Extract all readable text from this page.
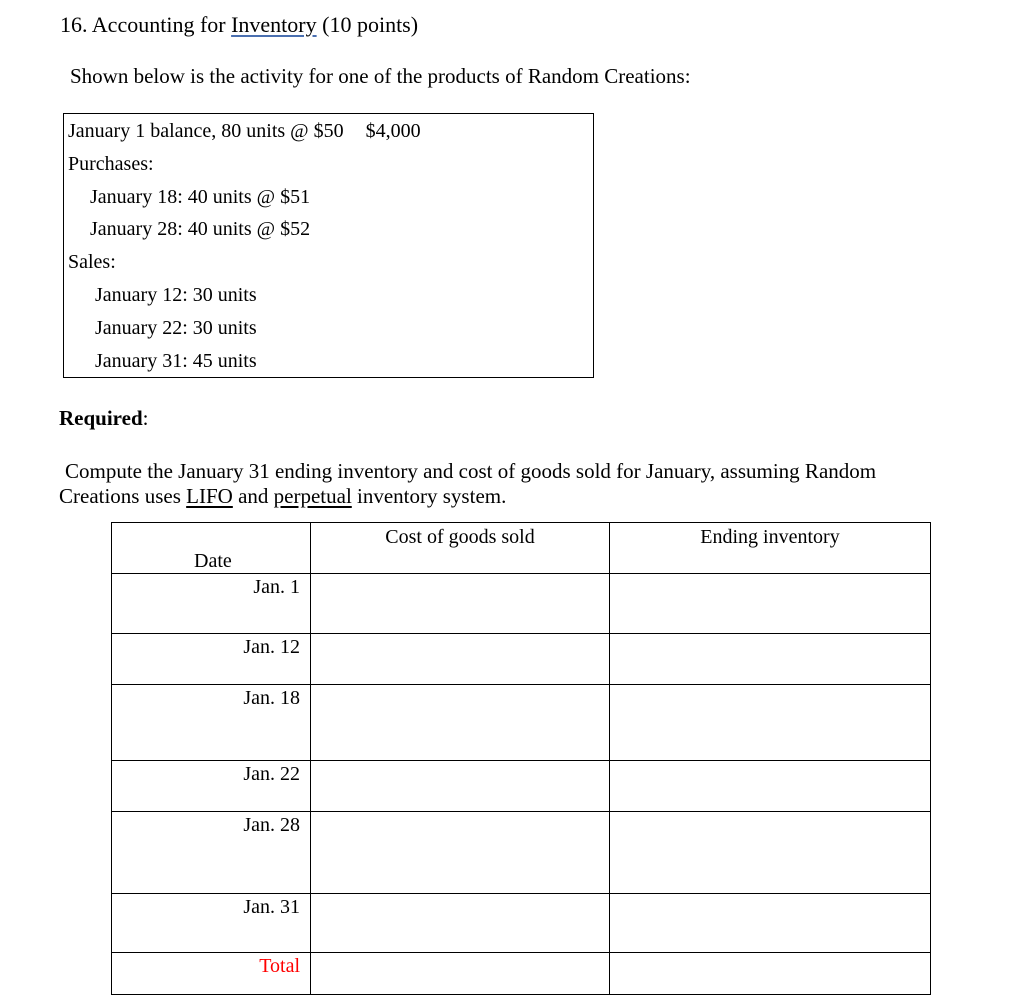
16. Accounting for Inventory (10 points)
Shown below is the activity for one of the products of Random Creations:
January 1 balance, 80 units @ $50 $4,000
Purchases:
January 18: 40 units @ $51
January 28: 40 units @ $52
Sales:
January 12: 30 units
January 22: 30 units
January 31: 45 units
Required:
Compute the January 31 ending inventory and cost of goods sold for January, assuming Random
Creations uses LIFO and perpetual inventory system.
Date	Cost of goods sold	Ending inventory
Jan. 1		
Jan. 12		
Jan. 18		
Jan. 22		
Jan. 28		
Jan. 31		
Total		
